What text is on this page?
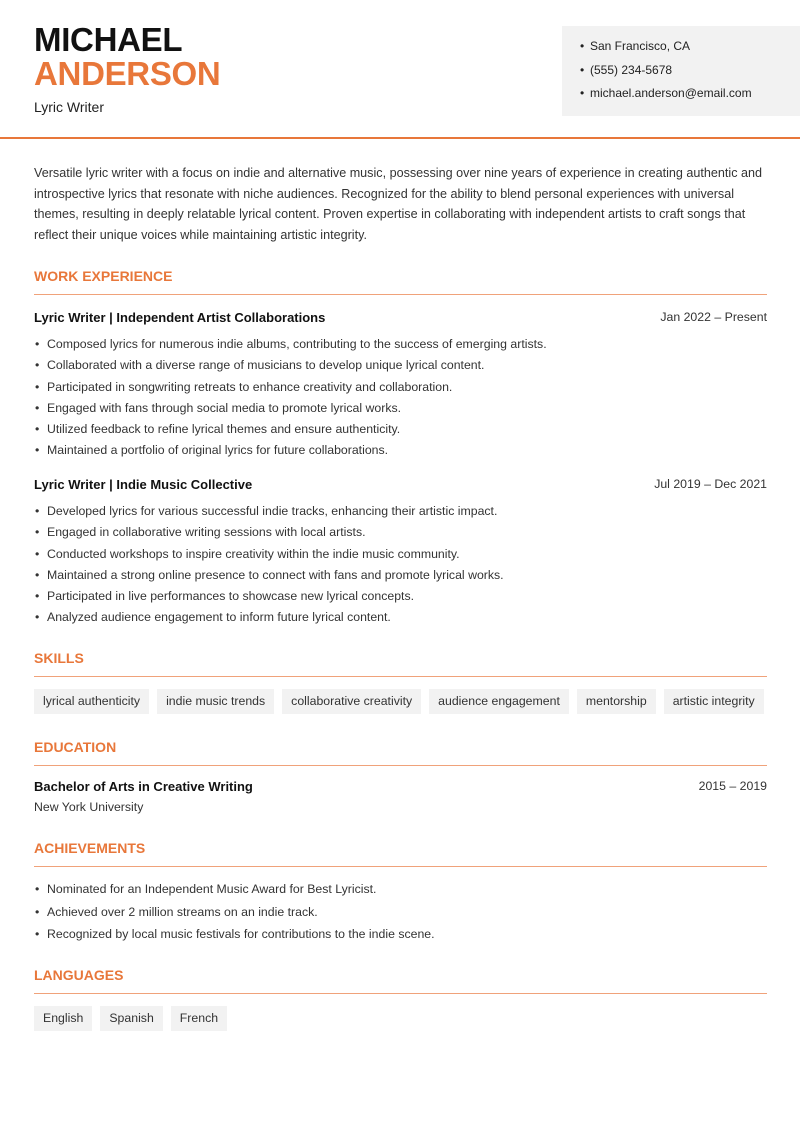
MICHAEL
ANDERSON
Lyric Writer
• San Francisco, CA
• (555) 234-5678
• michael.anderson@email.com
Versatile lyric writer with a focus on indie and alternative music, possessing over nine years of experience in creating authentic and introspective lyrics that resonate with niche audiences. Recognized for the ability to blend personal experiences with universal themes, resulting in deeply relatable lyrical content. Proven expertise in collaborating with independent artists to craft songs that reflect their unique voices while maintaining artistic integrity.
WORK EXPERIENCE
Lyric Writer | Independent Artist Collaborations	Jan 2022 – Present
• Composed lyrics for numerous indie albums, contributing to the success of emerging artists.
• Collaborated with a diverse range of musicians to develop unique lyrical content.
• Participated in songwriting retreats to enhance creativity and collaboration.
• Engaged with fans through social media to promote lyrical works.
• Utilized feedback to refine lyrical themes and ensure authenticity.
• Maintained a portfolio of original lyrics for future collaborations.
Lyric Writer | Indie Music Collective	Jul 2019 – Dec 2021
• Developed lyrics for various successful indie tracks, enhancing their artistic impact.
• Engaged in collaborative writing sessions with local artists.
• Conducted workshops to inspire creativity within the indie music community.
• Maintained a strong online presence to connect with fans and promote lyrical works.
• Participated in live performances to showcase new lyrical concepts.
• Analyzed audience engagement to inform future lyrical content.
SKILLS
lyrical authenticity	indie music trends	collaborative creativity	audience engagement	mentorship	artistic integrity
EDUCATION
Bachelor of Arts in Creative Writing	2015 – 2019
New York University
ACHIEVEMENTS
• Nominated for an Independent Music Award for Best Lyricist.
• Achieved over 2 million streams on an indie track.
• Recognized by local music festivals for contributions to the indie scene.
LANGUAGES
English	Spanish	French
